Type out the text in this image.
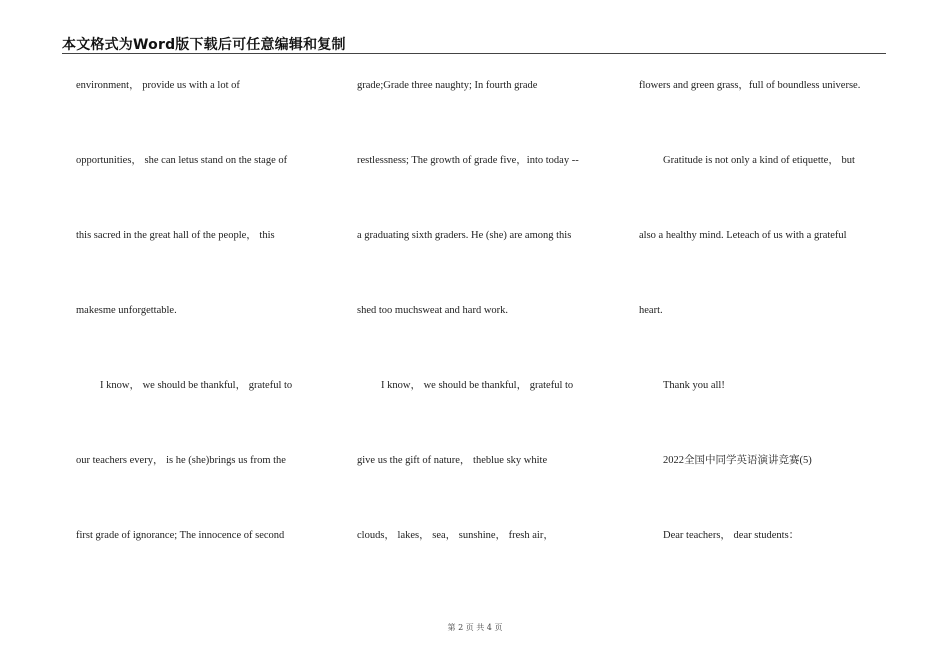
本文格式为Word版下载后可任意编辑和复制
environment， provide us with a lot of
opportunities， she can letus stand on the stage of
this sacred in the great hall of the people， this
makesme unforgettable.
I know， we should be thankful， grateful to
our teachers every， is he (she)brings us from the
first grade of ignorance; The innocence of second
grade;Grade three naughty; In fourth grade
restlessness; The growth of grade five，into today --
a graduating sixth graders. He (she) are among this
shed too muchsweat and hard work.
I know， we should be thankful， grateful to
give us the gift of nature， theblue sky white
clouds， lakes， sea， sunshine， fresh air，
flowers and green grass，full of boundless universe.
Gratitude is not only a kind of etiquette， but
also a healthy mind. Leteach of us with a grateful
heart.
Thank you all!
2022全国中同学英语演讲竞赛(5)
Dear teachers， dear students：
第 2 页 共 4 页
